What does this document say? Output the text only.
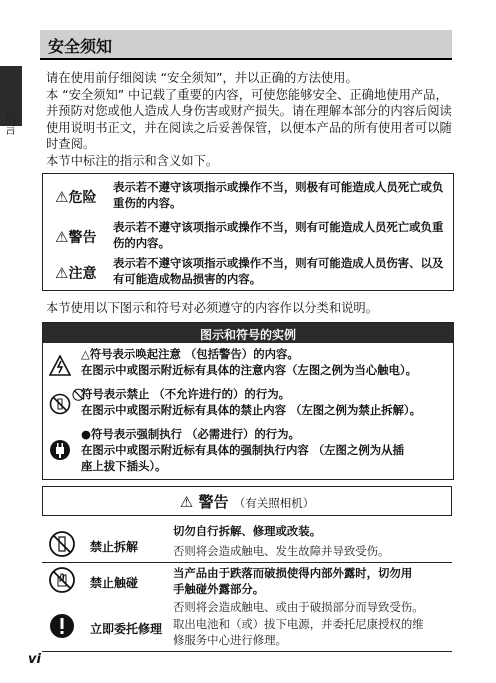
前言
安全须知

请在使用前仔细阅读 “安全须知”，并以正确的方法使用。

本 “安全须知” 中记载了重要的内容，可使您能够安全、正确地使用产品，并预防对您或他人造成人身伤害或财产损失。请在理解本部分的内容后阅读使用说明书正文，并在阅读之后妥善保管，以便本产品的所有使用者可以随时查阅。

本节中标注的指示和含义如下。

⚠危险
表示若不遵守该项指示或操作不当，则极有可能造成人员死亡或负重伤的内容。
⚠警告
表示若不遵守该项指示或操作不当，则有可能造成人员死亡或负重伤的内容。
⚠注意
表示若不遵守该项指示或操作不当，则有可能造成人员伤害、以及有可能造成物品损害的内容。
本节使用以下图示和符号对必须遵守的内容作以分类和说明。
图示和符号的实例
△符号表示唤起注意 （包括警告）的内容。
在图示中或图示附近标有具体的注意内容（左图之例为当心触电）。
⃠符号表示禁止 （不允许进行的）的行为。
在图示中或图示附近标有具体的禁止内容 （左图之例为禁止拆解）。
●符号表示强制执行 （必需进行）的行为。
在图示中或图示附近标有具体的强制执行内容 （左图之例为从插
座上拔下插头）。
⚠ 警告 （有关照相机）
禁止拆解
切勿自行拆解、修理或改装。
否则将会造成触电、发生故障并导致受伤。
禁止触碰
当产品由于跌落而破损使得内部外露时，切勿用
手触碰外露部分。
否则将会造成触电、或由于破损部分而导致受伤。
立即委托修理 取出电池和（或）拔下电源，并委托尼康授权的维
修服务中心进行修理。
vi
